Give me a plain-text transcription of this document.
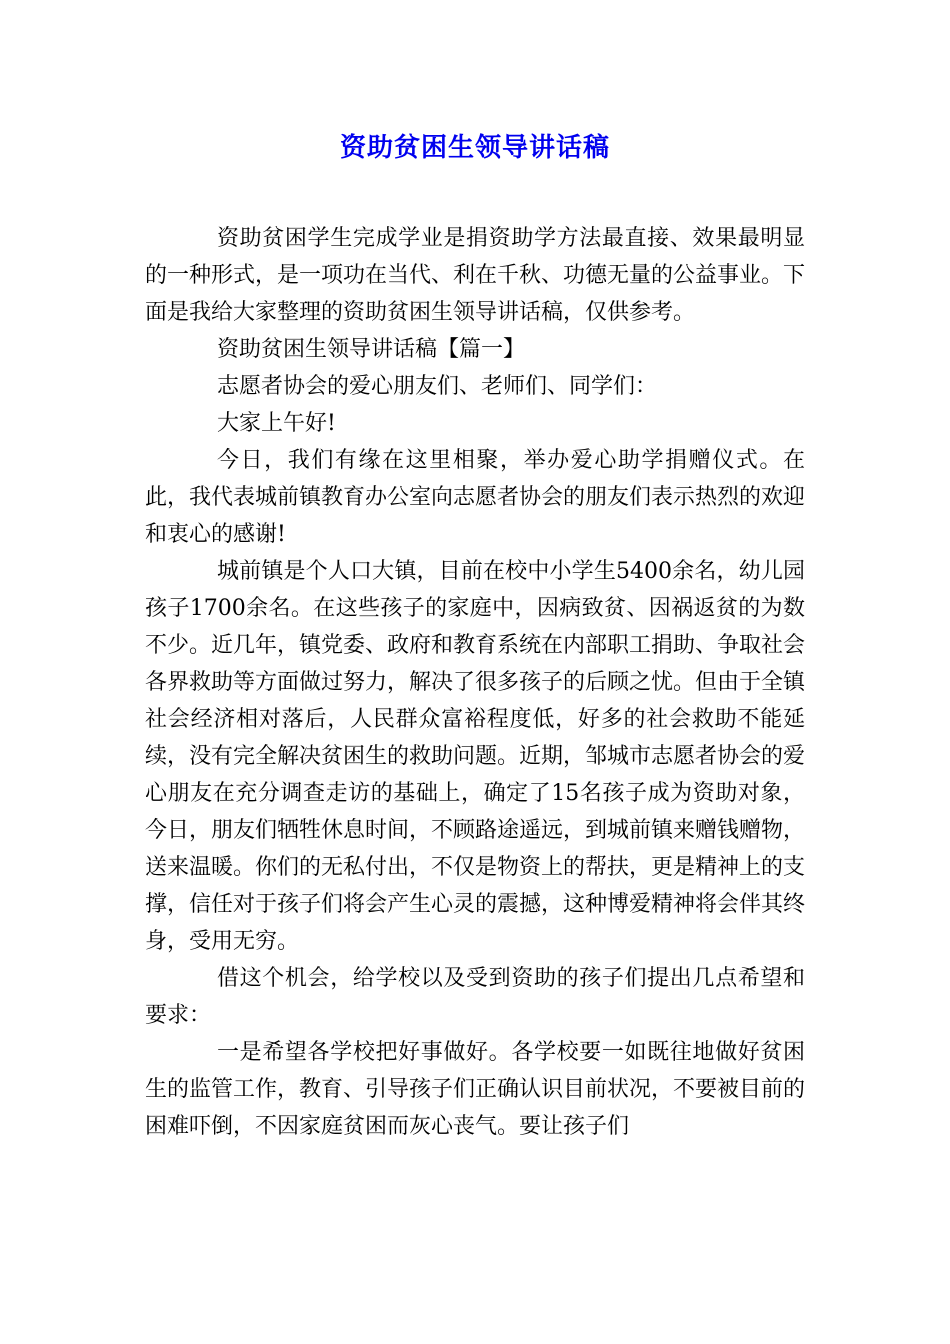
资助贫困生领导讲话稿

资助贫困学生完成学业是捐资助学方法最直接、效果最明显的一种形式，是一项功在当代、利在千秋、功德无量的公益事业。下面是我给大家整理的资助贫困生领导讲话稿，仅供参考。

资助贫困生领导讲话稿【篇一】

志愿者协会的爱心朋友们、老师们、同学们：

大家上午好!

今日，我们有缘在这里相聚，举办爱心助学捐赠仪式。在此，我代表城前镇教育办公室向志愿者协会的朋友们表示热烈的欢迎和衷心的感谢!

城前镇是个人口大镇，目前在校中小学生5400余名，幼儿园孩子1700余名。在这些孩子的家庭中，因病致贫、因祸返贫的为数不少。近几年，镇党委、政府和教育系统在内部职工捐助、争取社会各界救助等方面做过努力，解决了很多孩子的后顾之忧。但由于全镇社会经济相对落后，人民群众富裕程度低，好多的社会救助不能延续，没有完全解决贫困生的救助问题。近期，邹城市志愿者协会的爱心朋友在充分调查走访的基础上，确定了15名孩子成为资助对象，今日，朋友们牺牲休息时间，不顾路途遥远，到城前镇来赠钱赠物，送来温暖。你们的无私付出，不仅是物资上的帮扶，更是精神上的支撑，信任对于孩子们将会产生心灵的震撼，这种博爱精神将会伴其终身，受用无穷。

借这个机会，给学校以及受到资助的孩子们提出几点希望和要求：

一是希望各学校把好事做好。各学校要一如既往地做好贫困生的监管工作，教育、引导孩子们正确认识目前状况，不要被目前的困难吓倒，不因家庭贫困而灰心丧气。要让孩子们
